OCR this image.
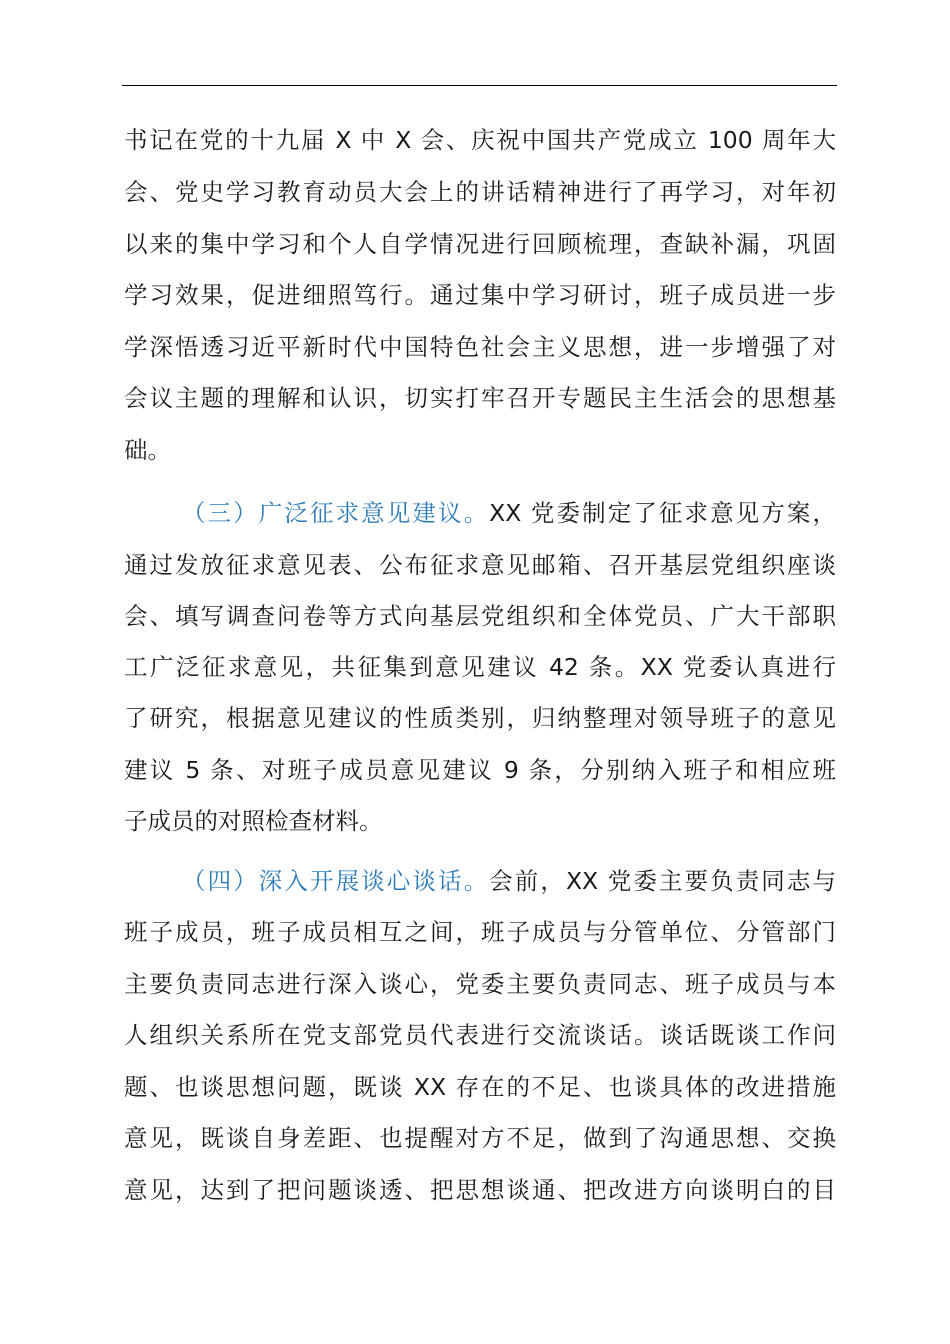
书记在党的十九届 X 中 X 会、庆祝中国共产党成立 100 周年大
会、党史学习教育动员大会上的讲话精神进行了再学习，对年初
以来的集中学习和个人自学情况进行回顾梳理，查缺补漏，巩固
学习效果，促进细照笃行。通过集中学习研讨，班子成员进一步
学深悟透习近平新时代中国特色社会主义思想，进一步增强了对
会议主题的理解和认识，切实打牢召开专题民主生活会的思想基
础。
（三）广泛征求意见建议。XX 党委制定了征求意见方案，
通过发放征求意见表、公布征求意见邮箱、召开基层党组织座谈
会、填写调查问卷等方式向基层党组织和全体党员、广大干部职
工广泛征求意见，共征集到意见建议 42 条。XX 党委认真进行
了研究，根据意见建议的性质类别，归纳整理对领导班子的意见
建议 5 条、对班子成员意见建议 9 条，分别纳入班子和相应班
子成员的对照检查材料。
（四）深入开展谈心谈话。会前，XX 党委主要负责同志与
班子成员，班子成员相互之间，班子成员与分管单位、分管部门
主要负责同志进行深入谈心，党委主要负责同志、班子成员与本
人组织关系所在党支部党员代表进行交流谈话。谈话既谈工作问
题、也谈思想问题，既谈 XX 存在的不足、也谈具体的改进措施
意见，既谈自身差距、也提醒对方不足，做到了沟通思想、交换
意见，达到了把问题谈透、把思想谈通、把改进方向谈明白的目
